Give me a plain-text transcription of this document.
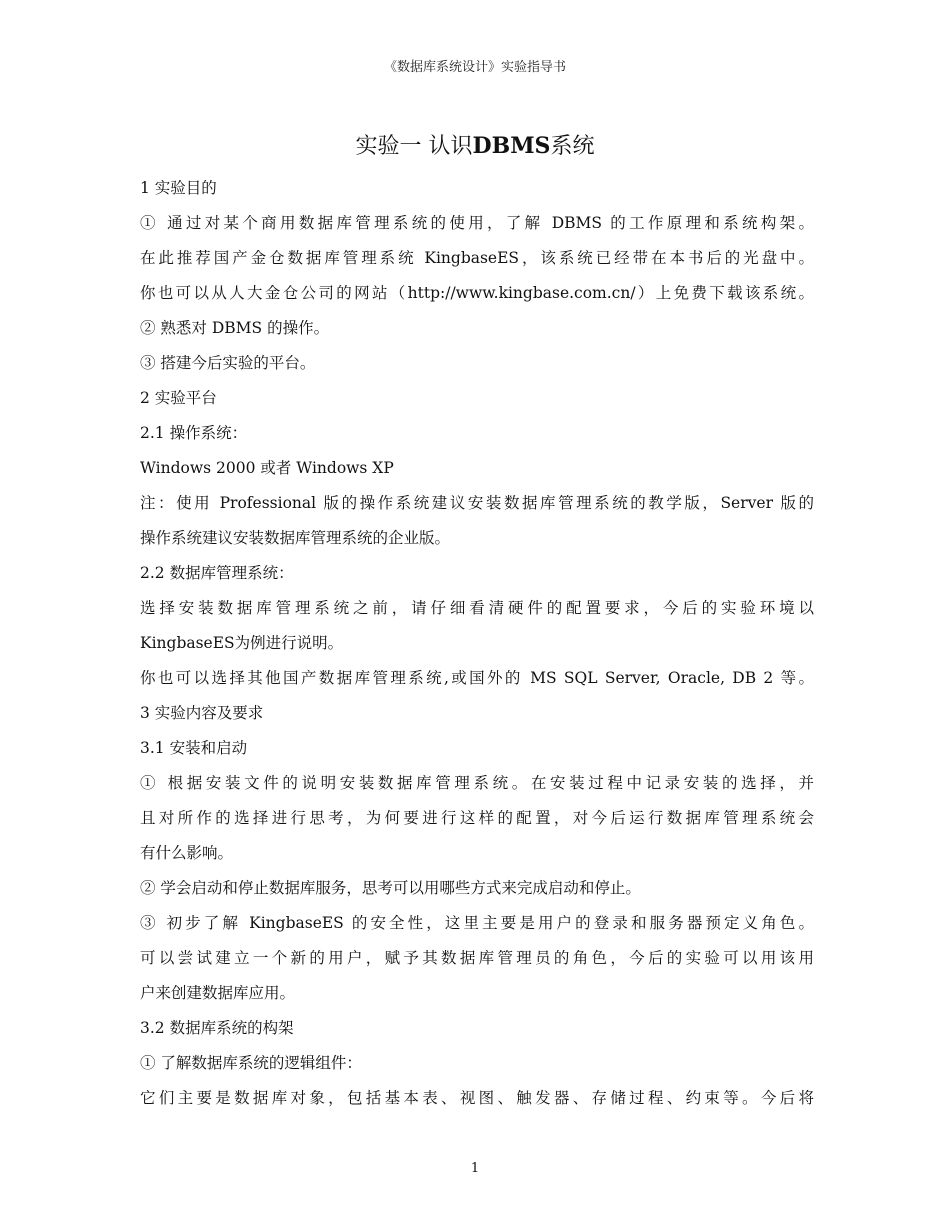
《数据库系统设计》实验指导书
实验一 认识DBMS系统
1 实验目的
① 通过对某个商用数据库管理系统的使用，了解 DBMS 的工作原理和系统构架。
在此推荐国产金仓数据库管理系统 KingbaseES，该系统已经带在本书后的光盘中。
你也可以从人大金仓公司的网站（http://www.kingbase.com.cn/）上免费下载该系统。
② 熟悉对 DBMS 的操作。
③ 搭建今后实验的平台。
2 实验平台
2.1 操作系统：
Windows 2000 或者 Windows XP
注：使用 Professional 版的操作系统建议安装数据库管理系统的教学版，Server 版的
操作系统建议安装数据库管理系统的企业版。
2.2 数据库管理系统：
选择安装数据库管理系统之前，请仔细看清硬件的配置要求，今后的实验环境以
KingbaseES为例进行说明。
你也可以选择其他国产数据库管理系统,或国外的 MS SQL Server, Oracle, DB 2 等。
3 实验内容及要求
3.1 安装和启动
① 根据安装文件的说明安装数据库管理系统。在安装过程中记录安装的选择，并
且对所作的选择进行思考，为何要进行这样的配置，对今后运行数据库管理系统会
有什么影响。
② 学会启动和停止数据库服务，思考可以用哪些方式来完成启动和停止。
③ 初步了解 KingbaseES 的安全性，这里主要是用户的登录和服务器预定义角色。
可以尝试建立一个新的用户，赋予其数据库管理员的角色，今后的实验可以用该用
户来创建数据库应用。
3.2 数据库系统的构架
① 了解数据库系统的逻辑组件：
它们主要是数据库对象，包括基本表、视图、触发器、存储过程、约束等。今后将
1
